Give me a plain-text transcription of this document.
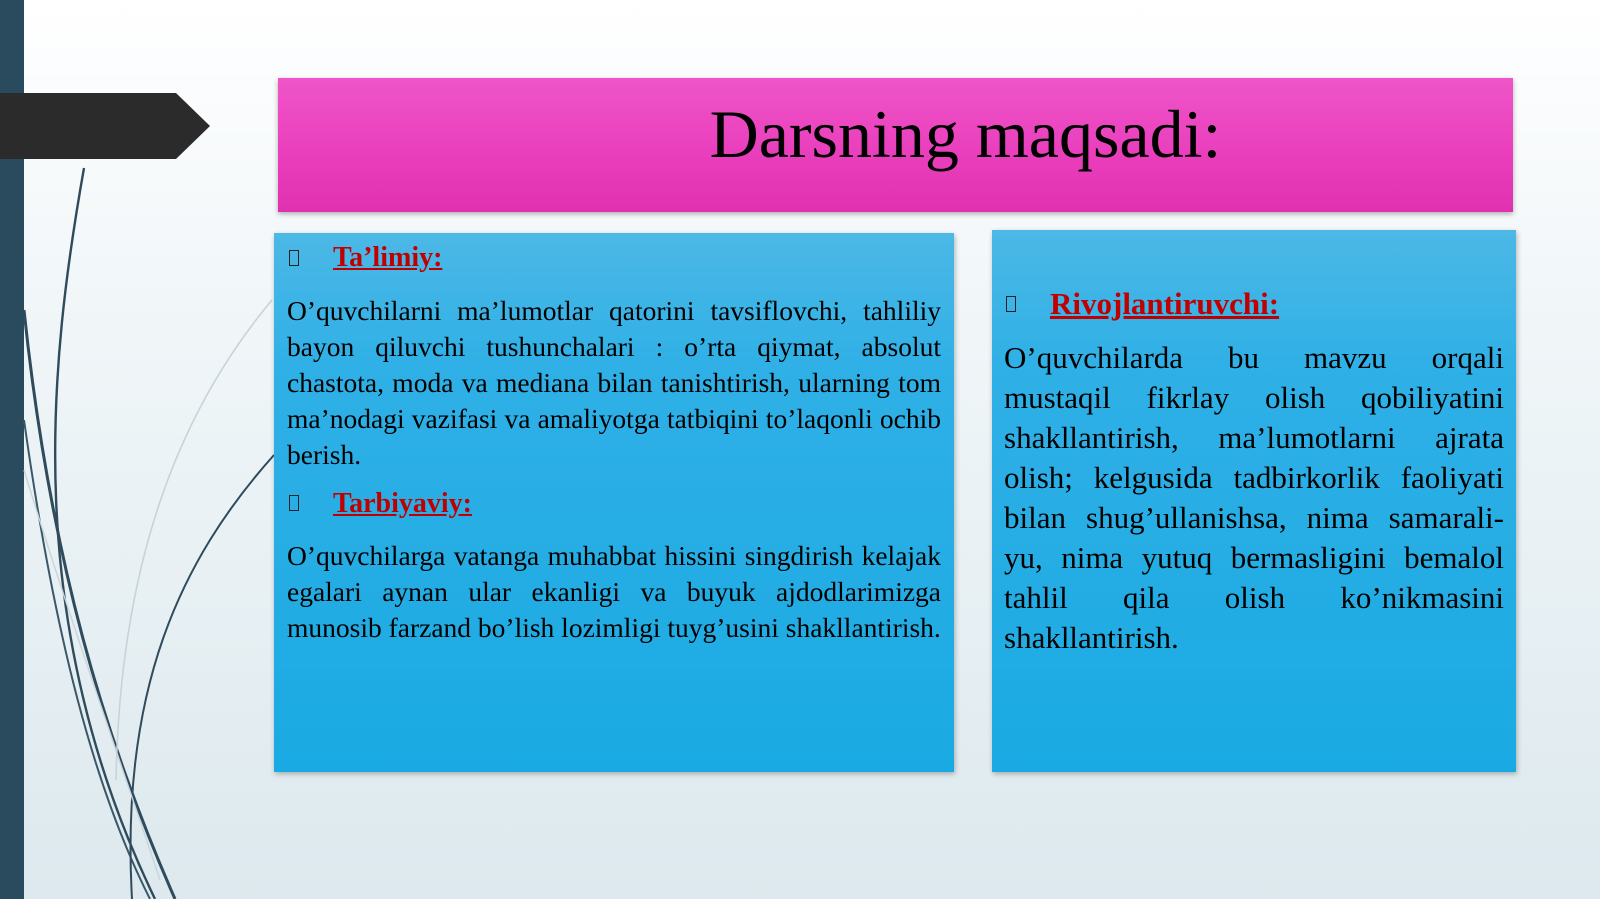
Darsning maqsadi:
Ta’limiy:

O’quvchilarni ma’lumotlar qatorini tavsiflovchi, tahliliy bayon qiluvchi tushunchalari : o’rta qiymat, absolut chastota, moda va mediana bilan tanishtirish, ularning tom ma’nodagi vazifasi va amaliyotga tatbiqini to’laqonli ochib berish.

Tarbiyaviy:

O’quvchilarga vatanga muhabbat hissini singdirish kelajak egalari aynan ular ekanligi va buyuk ajdodlarimizga munosib farzand bo’lish lozimligi tuyg’usini shakllantirish.

Rivojlantiruvchi:

O’quvchilarda bu mavzu orqali mustaqil fikrlay olish qobiliyatini shakllantirish, ma’lumotlarni ajrata olish; kelgusida tadbirkorlik faoliyati bilan shug’ullanishsa, nima samarali-yu, nima yutuq bermasligini bemalol tahlil qila olish ko’nikmasini shakllantirish.
